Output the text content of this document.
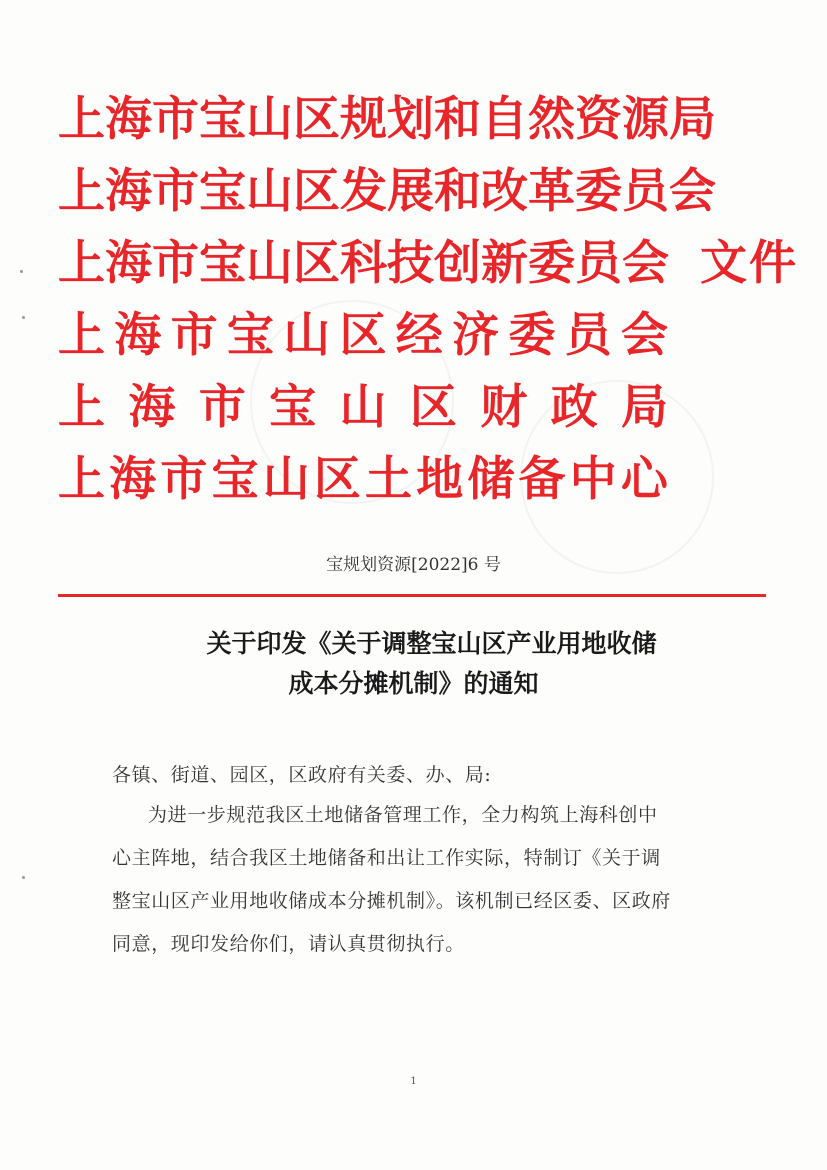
上 海 市 宝 山 区 规 划 和 自 然 资 源 局
上 海 市 宝 山 区 发 展 和 改 革 委 员 会
上 海 市 宝 山 区 科 技 创 新 委 员 会
上 海 市 宝 山 区 经 济 委 员 会
上 海 市 宝 山 区 财 政 局
上 海 市 宝 山 区 土 地 储 备 中 心
文件
宝规划资源[2022]6 号
关于印发《关于调整宝山区产业用地收储
成本分摊机制》的通知
各镇、街道、园区，区政府有关委、办、局:
为进一步规范我区土地储备管理工作，全力构筑上海科创中
心主阵地，结合我区土地储备和出让工作实际，特制订《关于调
整宝山区产业用地收储成本分摊机制》。该机制已经区委、区政府
同意，现印发给你们，请认真贯彻执行。
1
